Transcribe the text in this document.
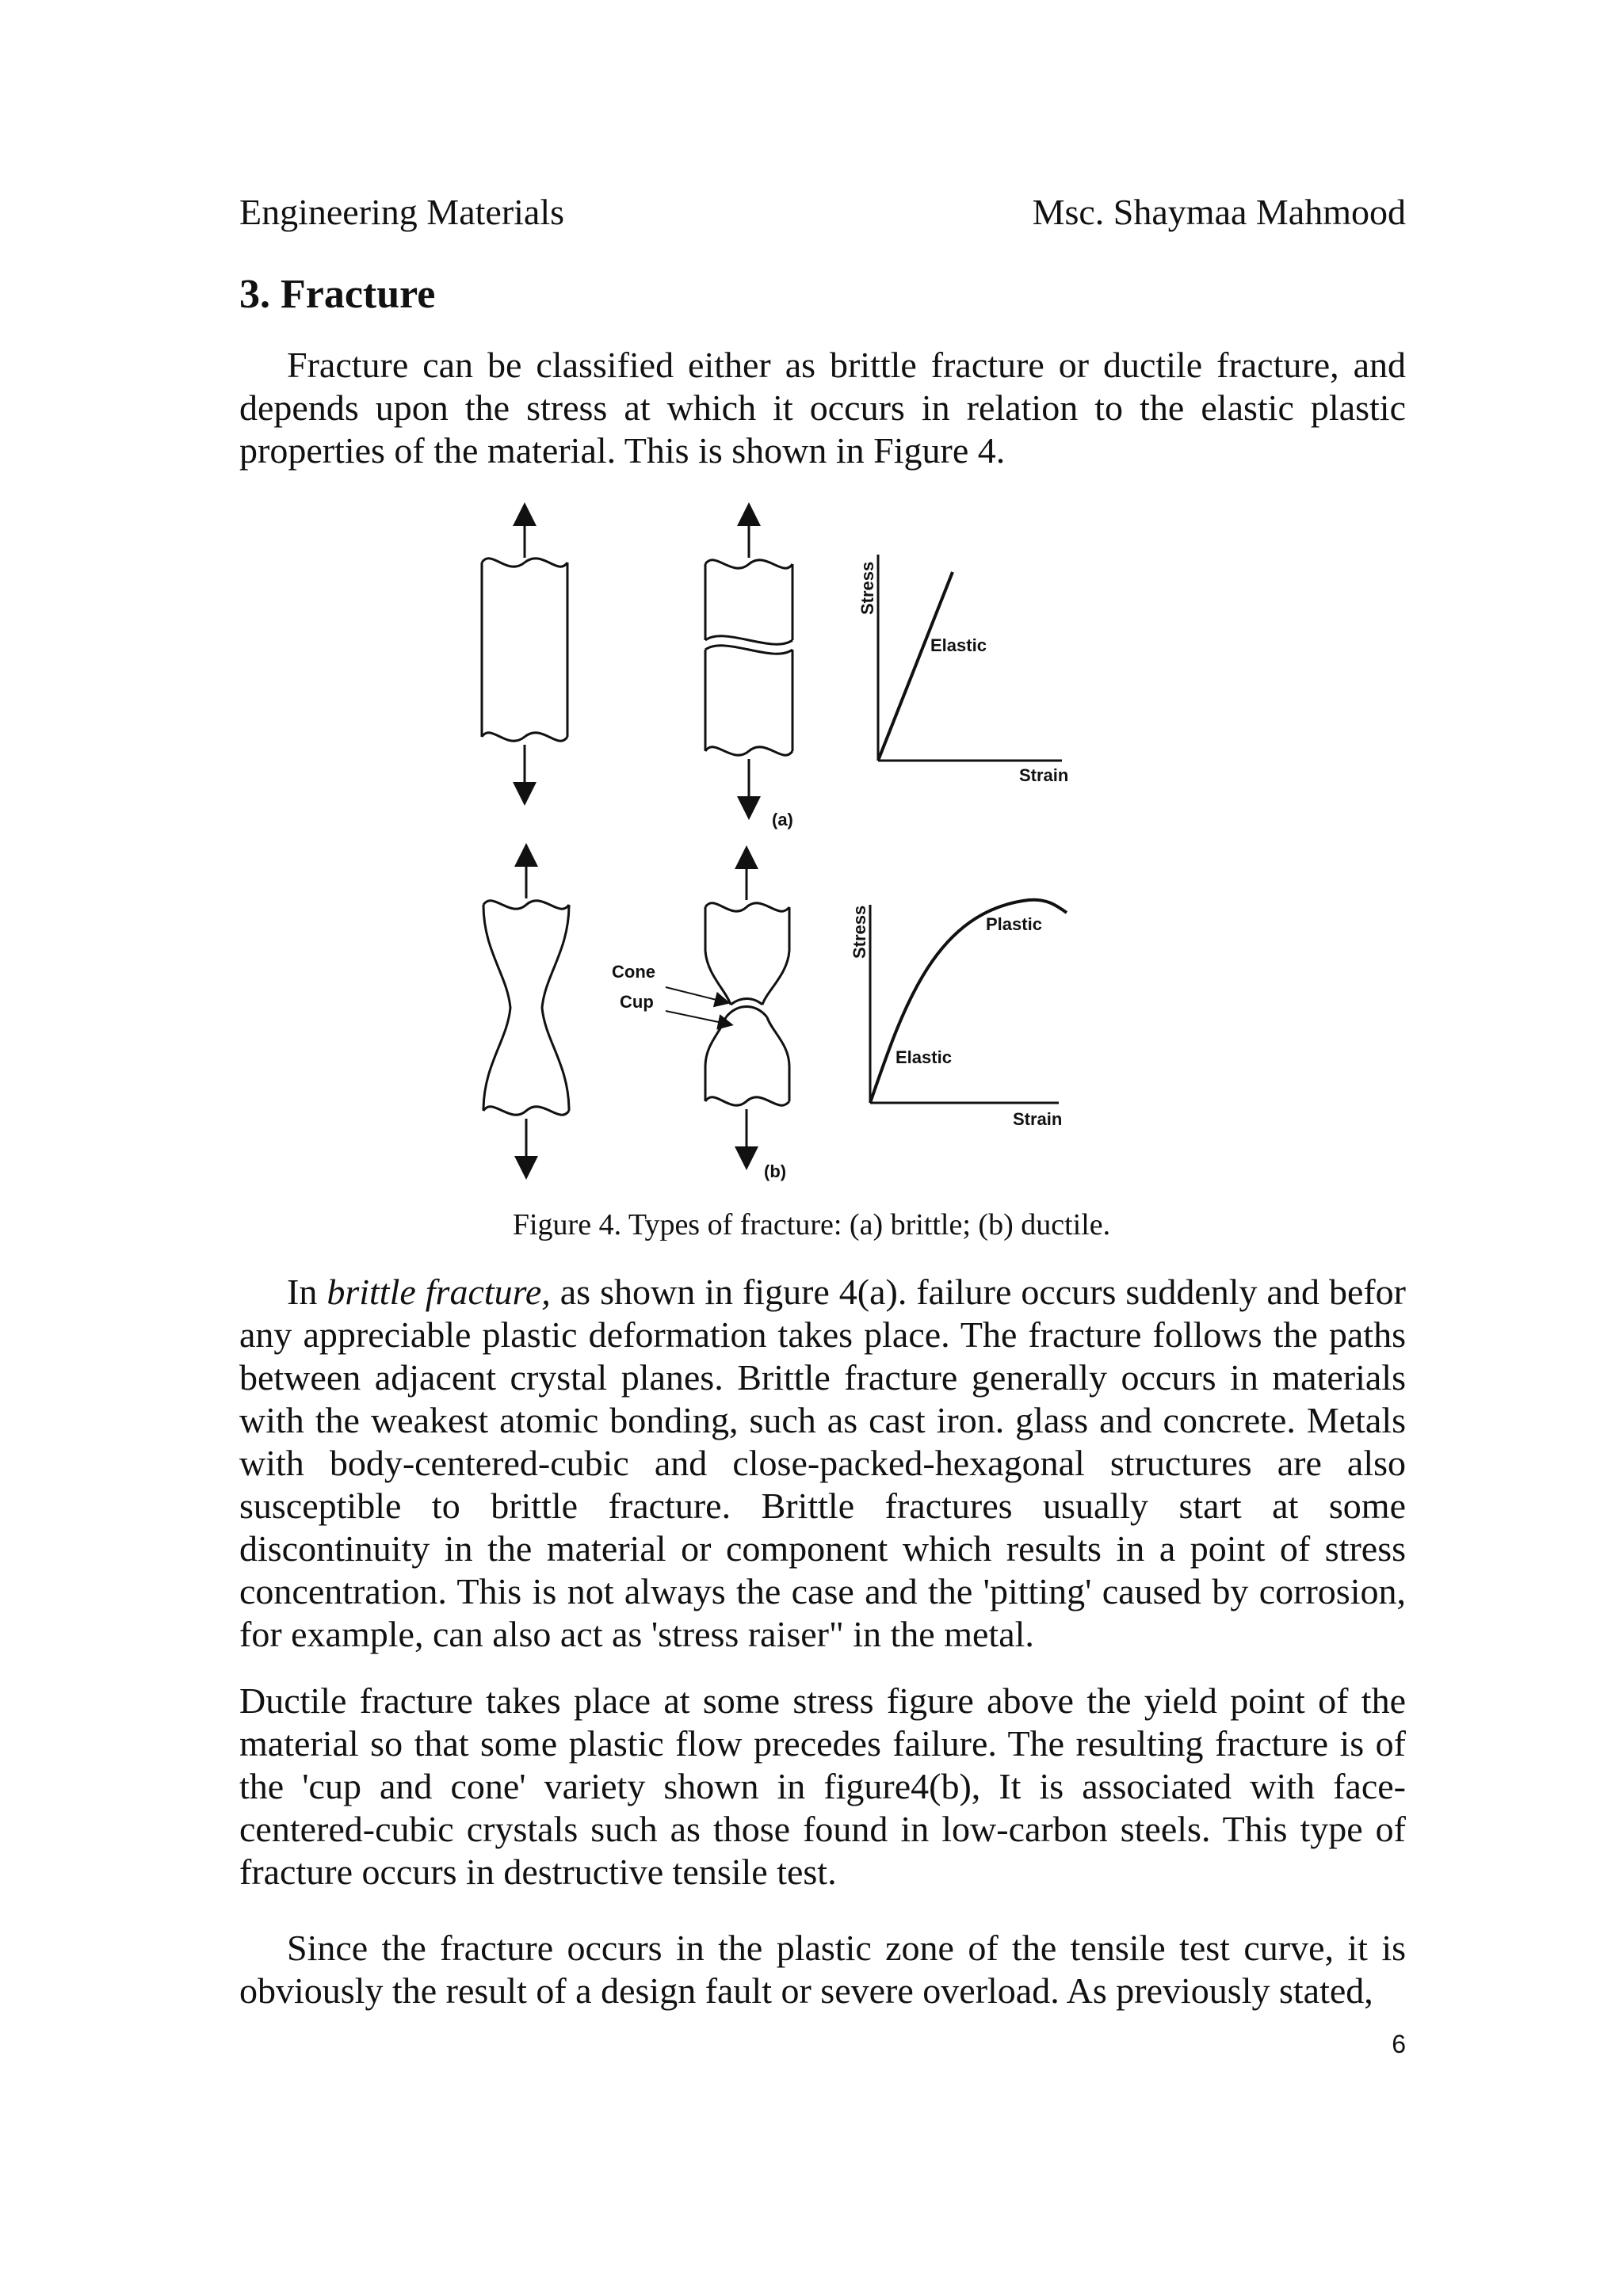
Engineering Materials	Msc. Shaymaa Mahmood
3. Fracture

Fracture can be classified either as brittle fracture or ductile fracture, and depends upon the stress at which it occurs in relation to the elastic plastic properties of the material. This is shown in Figure 4.

Stress
Elastic
Strain
(a)
Cone
Cup
Stress	Plastic
Elastic
Strain
(b)
Figure 4. Types of fracture: (a) brittle; (b) ductile.

In brittle fracture, as shown in figure 4(a). failure occurs suddenly and befor any appreciable plastic deformation takes place. The fracture follows the paths between adjacent crystal planes. Brittle fracture generally occurs in materials with the weakest atomic bonding, such as cast iron. glass and concrete. Metals with body-centered-cubic and close-packed-hexagonal structures are also susceptible to brittle fracture. Brittle fractures usually start at some discontinuity in the material or component which results in a point of stress concentration. This is not always the case and the 'pitting' caused by corrosion, for example, can also act as 'stress raiser" in the metal.

Ductile fracture takes place at some stress figure above the yield point of the material so that some plastic flow precedes failure. The resulting fracture is of the 'cup and cone' variety shown in figure4(b), It is associated with face-centered-cubic crystals such as those found in low-carbon steels. This type of fracture occurs in destructive tensile test.

Since the fracture occurs in the plastic zone of the tensile test curve, it is obviously the result of a design fault or severe overload. As previously stated,

6
